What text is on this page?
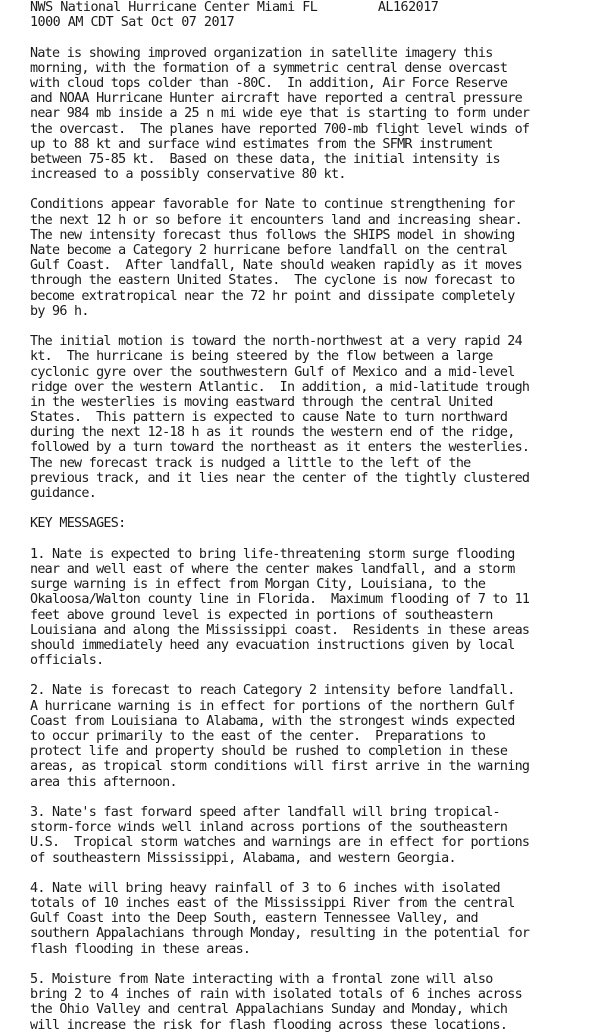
NWS National Hurricane Center Miami FL        AL162017
1000 AM CDT Sat Oct 07 2017
Nate is showing improved organization in satellite imagery this
morning, with the formation of a symmetric central dense overcast
with cloud tops colder than -80C.  In addition, Air Force Reserve
and NOAA Hurricane Hunter aircraft have reported a central pressure
near 984 mb inside a 25 n mi wide eye that is starting to form under
the overcast.  The planes have reported 700-mb flight level winds of
up to 88 kt and surface wind estimates from the SFMR instrument
between 75-85 kt.  Based on these data, the initial intensity is
increased to a possibly conservative 80 kt.
Conditions appear favorable for Nate to continue strengthening for
the next 12 h or so before it encounters land and increasing shear.
The new intensity forecast thus follows the SHIPS model in showing
Nate become a Category 2 hurricane before landfall on the central
Gulf Coast.  After landfall, Nate should weaken rapidly as it moves
through the eastern United States.  The cyclone is now forecast to
become extratropical near the 72 hr point and dissipate completely
by 96 h.
The initial motion is toward the north-northwest at a very rapid 24
kt.  The hurricane is being steered by the flow between a large
cyclonic gyre over the southwestern Gulf of Mexico and a mid-level
ridge over the western Atlantic.  In addition, a mid-latitude trough
in the westerlies is moving eastward through the central United
States.  This pattern is expected to cause Nate to turn northward
during the next 12-18 h as it rounds the western end of the ridge,
followed by a turn toward the northeast as it enters the westerlies.
The new forecast track is nudged a little to the left of the
previous track, and it lies near the center of the tightly clustered
guidance.
KEY MESSAGES:
1. Nate is expected to bring life-threatening storm surge flooding
near and well east of where the center makes landfall, and a storm
surge warning is in effect from Morgan City, Louisiana, to the
Okaloosa/Walton county line in Florida.  Maximum flooding of 7 to 11
feet above ground level is expected in portions of southeastern
Louisiana and along the Mississippi coast.  Residents in these areas
should immediately heed any evacuation instructions given by local
officials.
2. Nate is forecast to reach Category 2 intensity before landfall.
A hurricane warning is in effect for portions of the northern Gulf
Coast from Louisiana to Alabama, with the strongest winds expected
to occur primarily to the east of the center.  Preparations to
protect life and property should be rushed to completion in these
areas, as tropical storm conditions will first arrive in the warning
area this afternoon.
3. Nate's fast forward speed after landfall will bring tropical-
storm-force winds well inland across portions of the southeastern
U.S.  Tropical storm watches and warnings are in effect for portions
of southeastern Mississippi, Alabama, and western Georgia.
4. Nate will bring heavy rainfall of 3 to 6 inches with isolated
totals of 10 inches east of the Mississippi River from the central
Gulf Coast into the Deep South, eastern Tennessee Valley, and
southern Appalachians through Monday, resulting in the potential for
flash flooding in these areas.
5. Moisture from Nate interacting with a frontal zone will also
bring 2 to 4 inches of rain with isolated totals of 6 inches across
the Ohio Valley and central Appalachians Sunday and Monday, which
will increase the risk for flash flooding across these locations.
